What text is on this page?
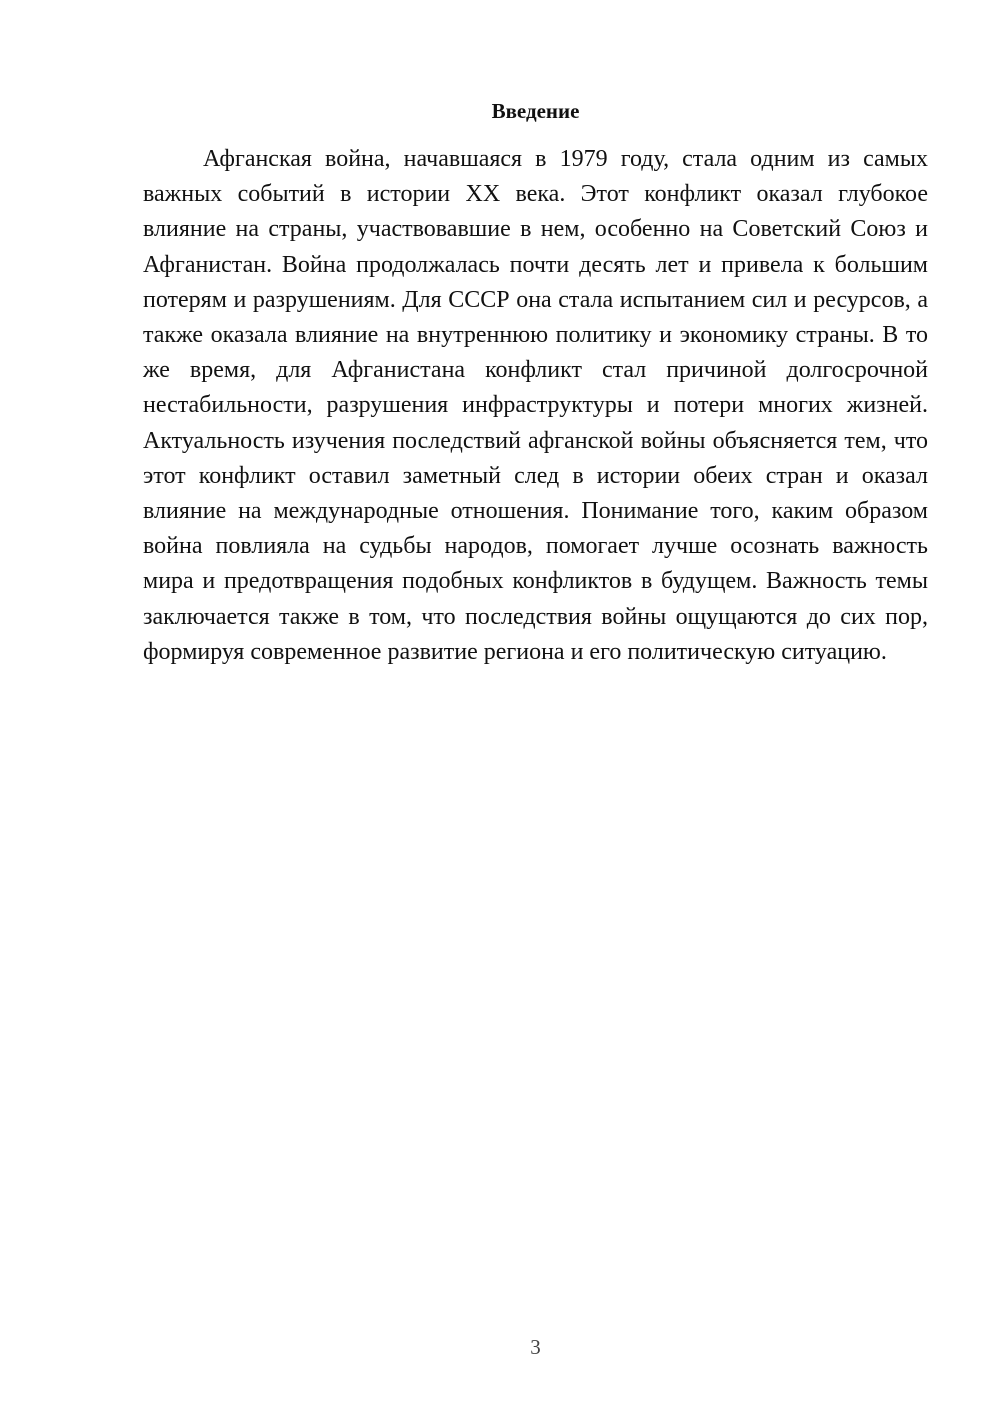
Введение

Афганская война, начавшаяся в 1979 году, стала одним из самых важных событий в истории XX века. Этот конфликт оказал глубокое влияние на страны, участвовавшие в нем, особенно на Советский Союз и Афганистан. Война продолжалась почти десять лет и привела к большим потерям и разрушениям. Для СССР она стала испытанием сил и ресурсов, а также оказала влияние на внутреннюю политику и экономику страны. В то же время, для Афганистана конфликт стал причиной долгосрочной нестабильности, разрушения инфраструктуры и потери многих жизней. Актуальность изучения последствий афганской войны объясняется тем, что этот конфликт оставил заметный след в истории обеих стран и оказал влияние на международные отношения. Понимание того, каким образом война повлияла на судьбы народов, помогает лучше осознать важность мира и предотвращения подобных конфликтов в будущем. Важность темы заключается также в том, что последствия войны ощущаются до сих пор, формируя современное развитие региона и его политическую ситуацию.

3
